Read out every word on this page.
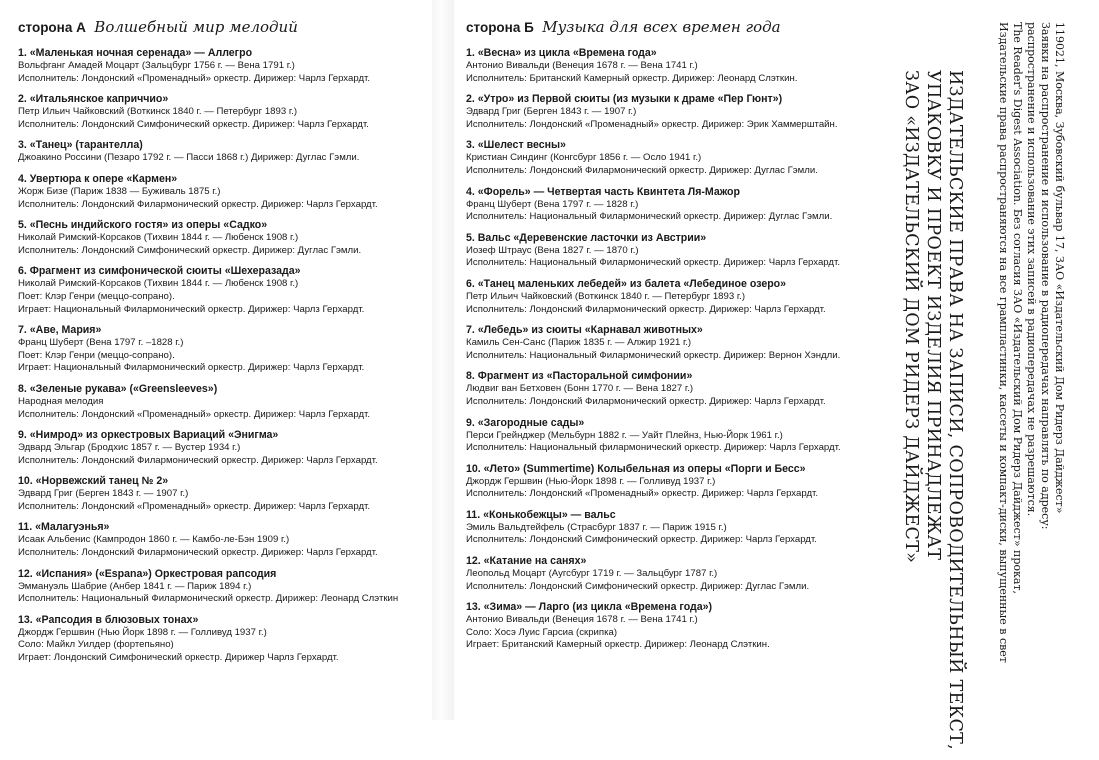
сторона А Волшебный мир мелодий
1. «Маленькая ночная серенада» — Аллегро
Вольфганг Амадей Моцарт (Зальцбург 1756 г. — Вена 1791 г.)
Исполнитель: Лондонский «Променадный» оркестр. Дирижер: Чарлз Герхардт.
2. «Итальянское каприччио»
Петр Ильич Чайковский (Воткинск 1840 г. — Петербург 1893 г.)
Исполнитель: Лондонский Симфонический оркестр. Дирижер: Чарлз Герхардт.
3. «Танец» (тарантелла)
Джоакино Россини (Пезаро 1792 г. — Пасси 1868 г.) Дирижер: Дуглас Гэмли.
4. Увертюра к опере «Кармен»
Жорж Бизе (Париж 1838 — Буживаль 1875 г.)
Исполнитель: Лондонский Филармонический оркестр. Дирижер: Чарлз Герхардт.
5. «Песнь индийского гостя» из оперы «Садко»
Николай Римский-Корсаков (Тихвин 1844 г. — Любенск 1908 г.)
Исполнитель: Лондонский Симфонический оркестр. Дирижер: Дуглас Гэмли.
6. Фрагмент из симфонической сюиты «Шехеразада»
Николай Римский-Корсаков (Тихвин 1844 г. — Любенск 1908 г.)
Поет: Клэр Генри (меццо-сопрано).
Играет: Национальный Филармонический оркестр. Дирижер: Чарлз Герхардт.
7. «Аве, Мария»
Франц Шуберт (Вена 1797 г. –1828 г.)
Поет: Клэр Генри (меццо-сопрано).
Играет: Национальный Филармонический оркестр. Дирижер: Чарлз Герхардт.
8. «Зеленые рукава» («Greensleeves»)
Народная мелодия
Исполнитель: Лондонский «Променадный» оркестр. Дирижер: Чарлз Герхардт.
9. «Нимрод» из оркестровых Вариаций «Энигма»
Эдвард Эльгар (Бродхис 1857 г. — Вустер 1934 г.)
Исполнитель: Лондонский Филармонический оркестр. Дирижер: Чарлз Герхардт.
10. «Норвежский танец № 2»
Эдвард Григ (Берген 1843 г. — 1907 г.)
Исполнитель: Лондонский «Променадный» оркестр. Дирижер: Чарлз Герхардт.
11. «Малагуэнья»
Исаак Альбенис (Кампродон 1860 г. — Камбо-ле-Бэн 1909 г.)
Исполнитель: Лондонский Филармонический оркестр. Дирижер: Чарлз Герхардт.
12. «Испания» («Espana») Оркестровая рапсодия
Эммануэль Шабрие (Анбер 1841 г. — Париж 1894 г.)
Исполнитель: Национальный Филармонический оркестр. Дирижер: Леонард Слэткин
13. «Рапсодия в блюзовых тонах»
Джордж Гершвин (Нью Йорк 1898 г. — Голливуд 1937 г.)
Соло: Майкл Уилдер (фортепьяно)
Играет: Лондонский Симфонический оркестр. Дирижер Чарлз Герхардт.
сторона Б Музыка для всех времен года
1. «Весна» из цикла «Времена года»
Антонио Вивальди (Венеция 1678 г. — Вена 1741 г.)
Исполнитель: Британский Камерный оркестр. Дирижер: Леонард Слэткин.
2. «Утро» из Первой сюиты (из музыки к драме «Пер Гюнт»)
Эдвард Григ (Берген 1843 г. — 1907 г.)
Исполнитель: Лондонский «Променадный» оркестр. Дирижер: Эрик Хаммерштайн.
3. «Шелест весны»
Кристиан Синдинг (Конгсбург 1856 г. — Осло 1941 г.)
Исполнитель: Лондонский Филармонический оркестр. Дирижер: Дуглас Гэмли.
4. «Форель» — Четвертая часть Квинтета Ля-Мажор
Франц Шуберт (Вена 1797 г. — 1828 г.)
Исполнитель: Национальный Филармонический оркестр. Дирижер: Дуглас Гэмли.
5. Вальс «Деревенские ласточки из Австрии»
Иозеф Штраус (Вена 1827 г. — 1870 г.)
Исполнитель: Национальный Филармонический оркестр. Дирижер: Чарлз Герхардт.
6. «Танец маленьких лебедей» из балета «Лебединое озеро»
Петр Ильич Чайковский (Воткинск 1840 г. — Петербург 1893 г.)
Исполнитель: Лондонский Филармонический оркестр. Дирижер: Чарлз Герхардт.
7. «Лебедь» из сюиты «Карнавал животных»
Камиль Сен-Санс (Париж 1835 г. — Алжир 1921 г.)
Исполнитель: Национальный Филармонический оркестр. Дирижер: Вернон Хэндли.
8. Фрагмент из «Пасторальной симфонии»
Людвиг ван Бетховен (Бонн 1770 г. — Вена 1827 г.)
Исполнитель: Лондонский Филармонический оркестр. Дирижер: Чарлз Герхардт.
9. «Загородные сады»
Перси Грейнджер (Мельбурн 1882 г. — Уайт Плейнз, Нью-Йорк 1961 г.)
Исполнитель: Национальный филармонический оркестр. Дирижер: Чарлз Герхардт.
10. «Лето» (Summertime) Колыбельная из оперы «Порги и Бесс»
Джордж Гершвин (Нью-Йорк 1898 г. — Голливуд 1937 г.)
Исполнитель: Лондонский «Променадный» оркестр. Дирижер: Чарлз Герхардт.
11. «Конькобежцы» — вальс
Эмиль Вальдтейфель (Страсбург 1837 г. — Париж 1915 г.)
Исполнитель: Лондонский Симфонический оркестр. Дирижер: Чарлз Герхардт.
12. «Катание на санях»
Леопольд Моцарт (Аугсбург 1719 г. — Зальцбург 1787 г.)
Исполнитель: Лондонский Симфонический оркестр. Дирижер: Дуглас Гэмли.
13. «Зима» — Ларго (из цикла «Времена года»)
Антонио Вивальди (Венеция 1678 г. — Вена 1741 г.)
Соло: Хосэ Луис Гарсиа (скрипка)
Играет: Британский Камерный оркестр. Дирижер: Леонард Слэткин.	ИЗДАТЕЛЬСКИЕ ПРАВА НА ЗАПИСИ, СОПРОВОДИТЕЛЬНЫЙ ТЕКСТ,
УПАКОВКУ И ПРОЕКТ ИЗДЕЛИЯ ПРИНАДЛЕЖАТ
ЗАО «ИЗДАТЕЛЬСКИЙ ДОМ РИДЕРЗ ДАЙДЖЕСТ»	119021, Москва, Зубовский бульвар 17, ЗАО «Издательский Дом Ридерз Дайджест»
Заявки на распространение и использование в радиопередачах направлять по адресу:
распространение и использование этих записей в радиопередачах не разрешаются.
The Reader's Digest Association. Без согласия ЗАО «Издательский Дом Ридерз Дайджест» прокат,
Издательские права распространяются на все грампластинки, кассеты и компакт-диски, выпущенные в свет
